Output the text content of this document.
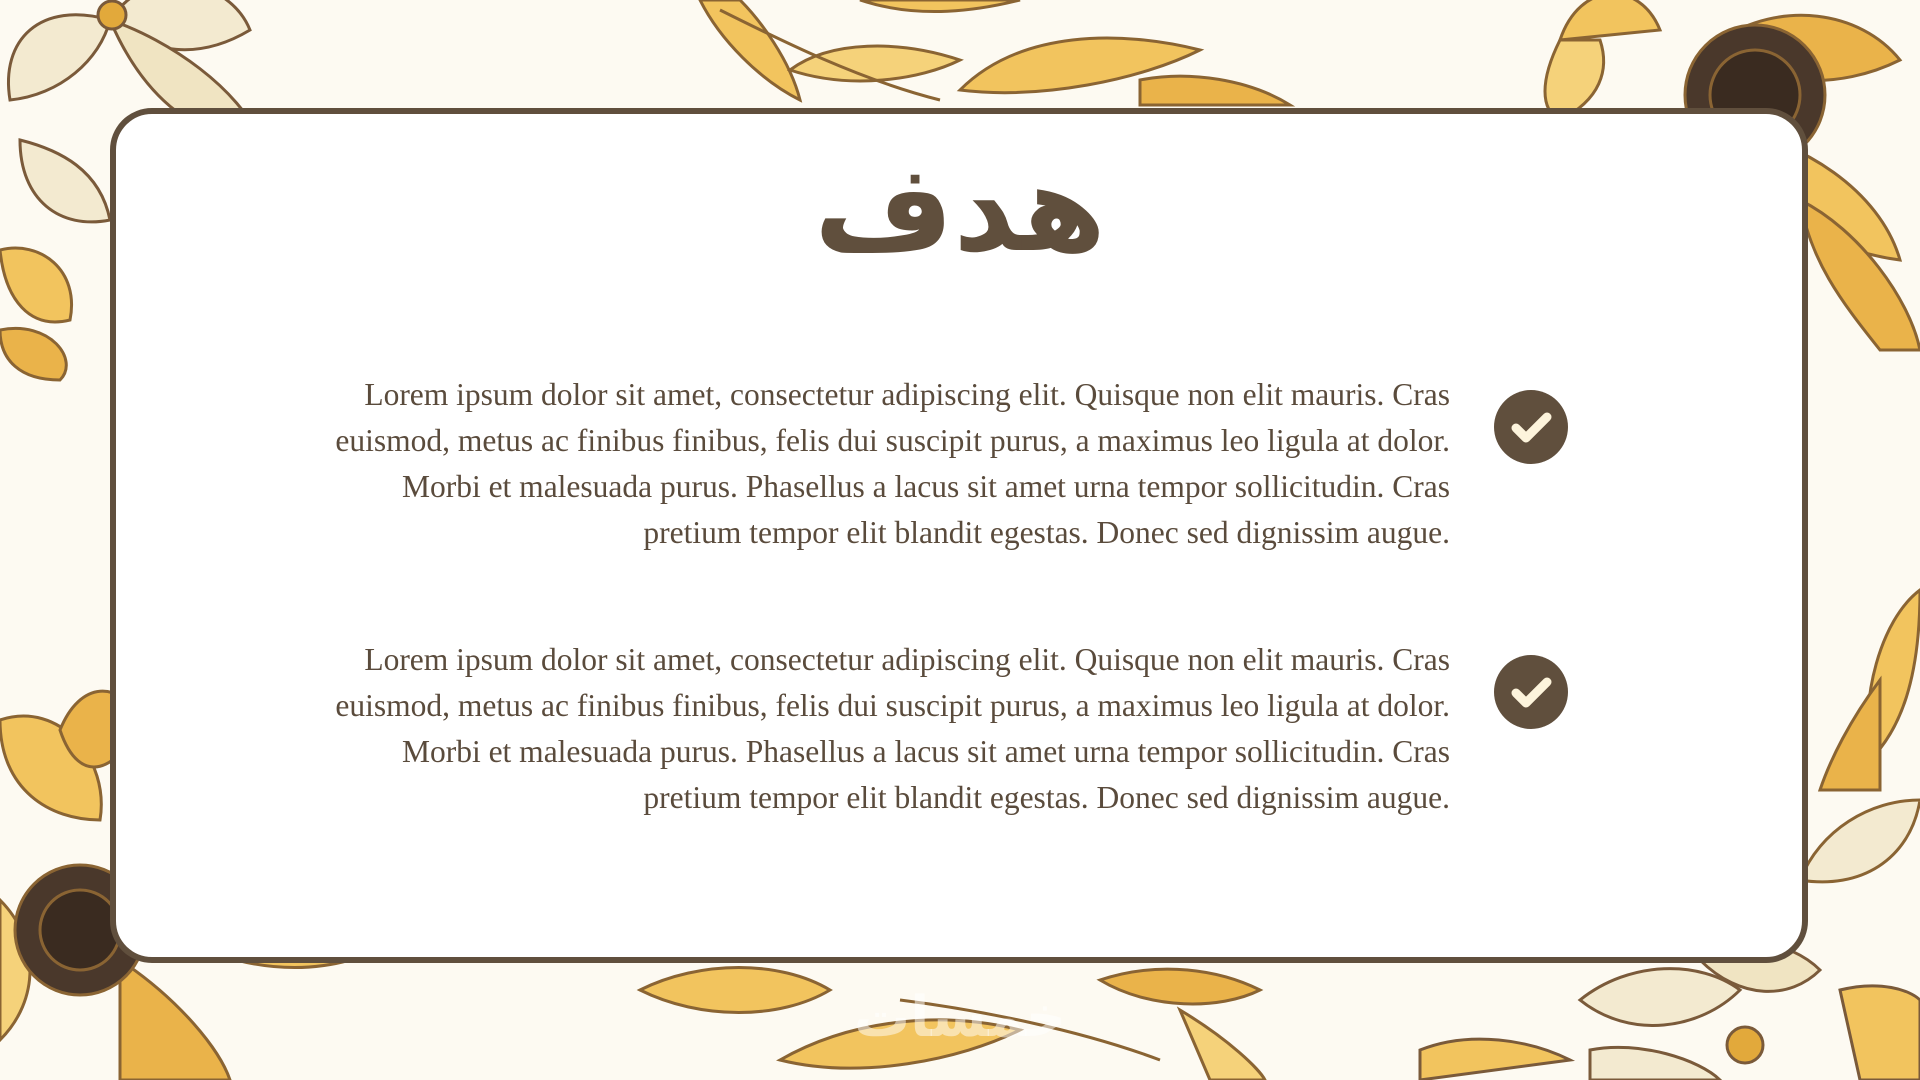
هدف
Lorem ipsum dolor sit amet, consectetur adipiscing elit. Quisque non elit mauris. Cras euismod, metus ac finibus finibus, felis dui suscipit purus, a maximus leo ligula at dolor. Morbi et malesuada purus. Phasellus a lacus sit amet urna tempor sollicitudin. Cras pretium tempor elit blandit egestas. Donec sed dignissim augue.
Lorem ipsum dolor sit amet, consectetur adipiscing elit. Quisque non elit mauris. Cras euismod, metus ac finibus finibus, felis dui suscipit purus, a maximus leo ligula at dolor. Morbi et malesuada purus. Phasellus a lacus sit amet urna tempor sollicitudin. Cras pretium tempor elit blandit egestas. Donec sed dignissim augue.
خمسات
